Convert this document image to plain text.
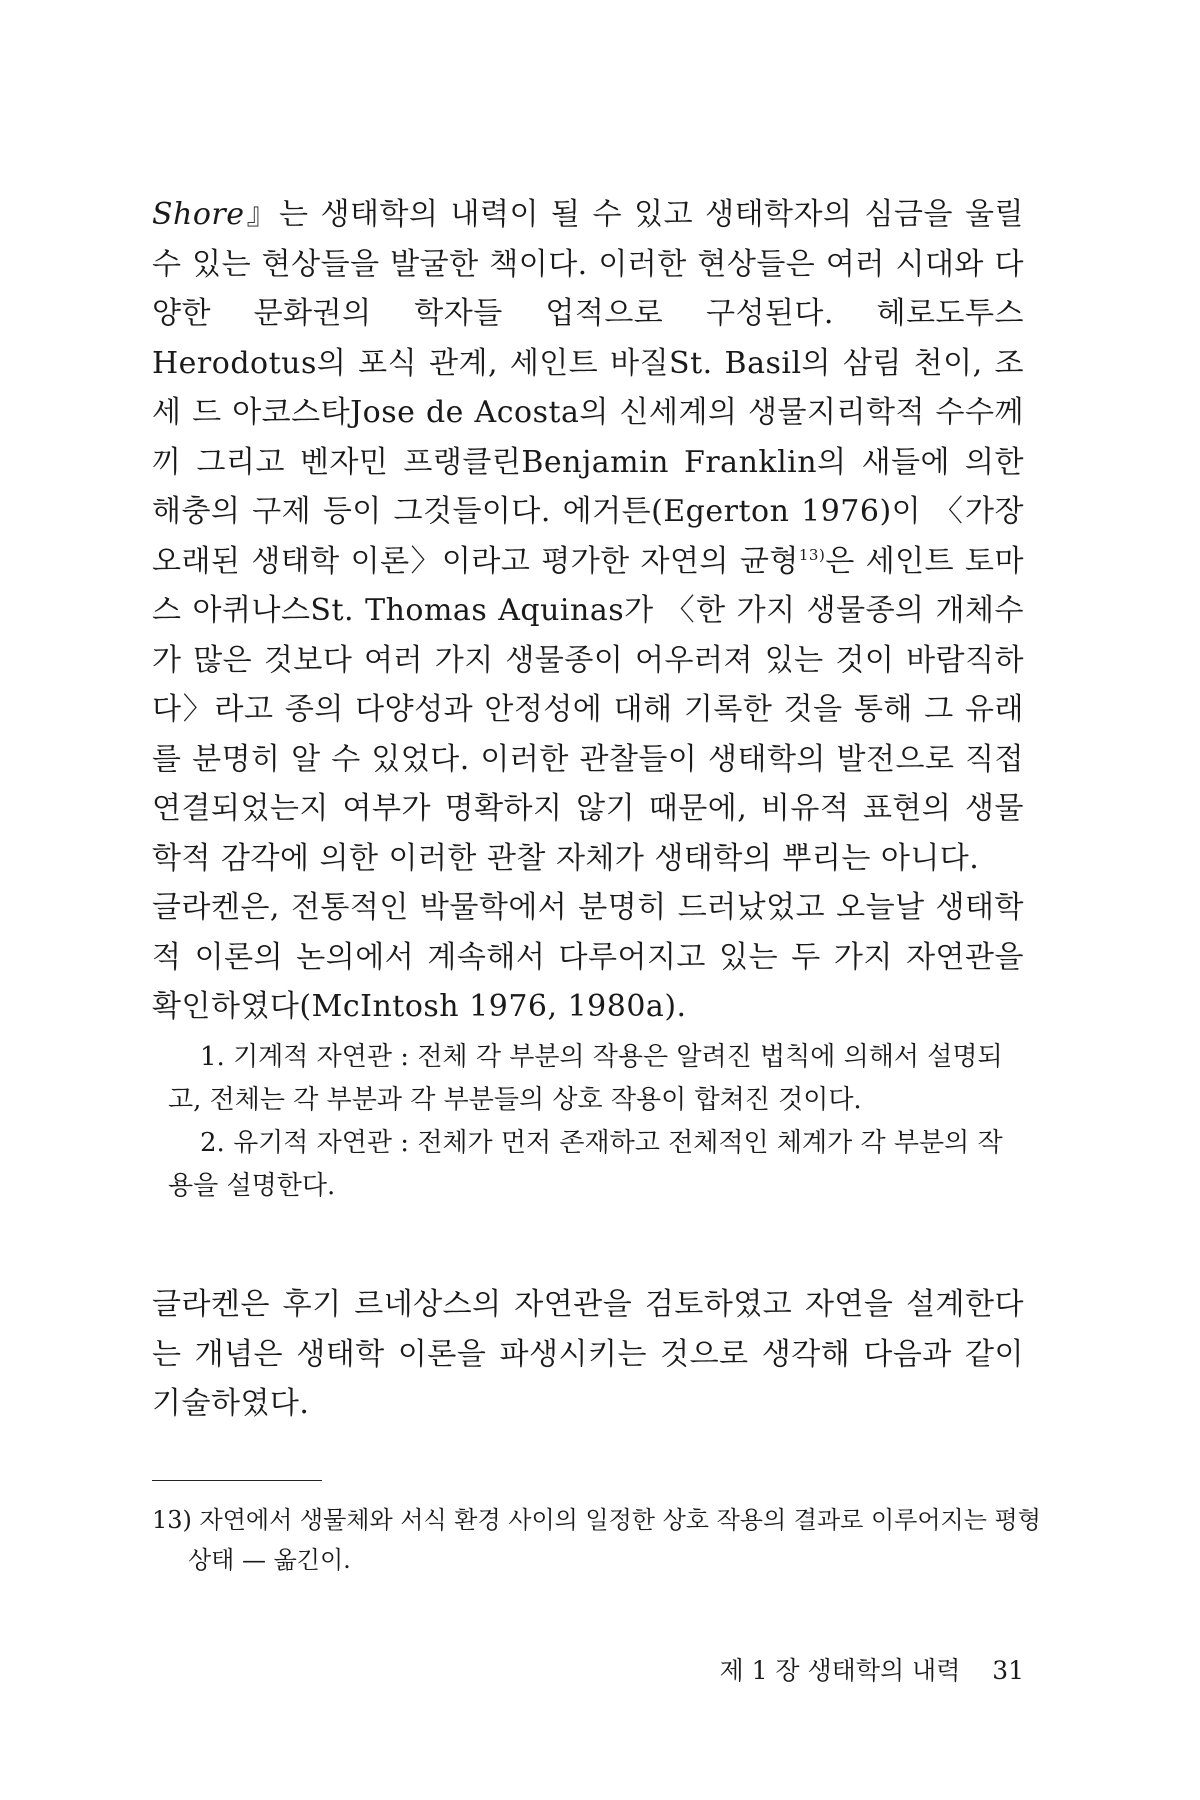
Shore』는 생태학의 내력이 될 수 있고 생태학자의 심금을 울릴 수 있는 현상들을 발굴한 책이다. 이러한 현상들은 여러 시대와 다양한 문화권의 학자들 업적으로 구성된다. 헤로도투스Herodotus의 포식 관계, 세인트 바질St. Basil의 삼림 천이, 조세 드 아코스타Jose de Acosta의 신세계의 생물지리학적 수수께끼 그리고 벤자민 프랭클린Benjamin Franklin의 새들에 의한 해충의 구제 등이 그것들이다. 에거튼(Egerton 1976)이 〈가장 오래된 생태학 이론〉이라고 평가한 자연의 균형$^{13)}$은 세인트 토마스 아퀴나스St. Thomas Aquinas가 〈한 가지 생물종의 개체수가 많은 것보다 여러 가지 생물종이 어우러져 있는 것이 바람직하다〉라고 종의 다양성과 안정성에 대해 기록한 것을 통해 그 유래를 분명히 알 수 있었다. 이러한 관찰들이 생태학의 발전으로 직접 연결되었는지 여부가 명확하지 않기 때문에, 비유적 표현의 생물학적 감각에 의한 이러한 관찰 자체가 생태학의 뿌리는 아니다.

글라켄은, 전통적인 박물학에서 분명히 드러났었고 오늘날 생태학적 이론의 논의에서 계속해서 다루어지고 있는 두 가지 자연관을 확인하였다(McIntosh 1976, 1980a).

1. 기계적 자연관 : 전체 각 부분의 작용은 알려진 법칙에 의해서 설명되고, 전체는 각 부분과 각 부분들의 상호 작용이 합쳐진 것이다.

2. 유기적 자연관 : 전체가 먼저 존재하고 전체적인 체계가 각 부분의 작용을 설명한다.

글라켄은 후기 르네상스의 자연관을 검토하였고 자연을 설계한다는 개념은 생태학 이론을 파생시키는 것으로 생각해 다음과 같이 기술하였다.

13) 자연에서 생물체와 서식 환경 사이의 일정한 상호 작용의 결과로 이루어지는 평형 상태 — 옮긴이.

제 1 장 생태학의 내력 31
